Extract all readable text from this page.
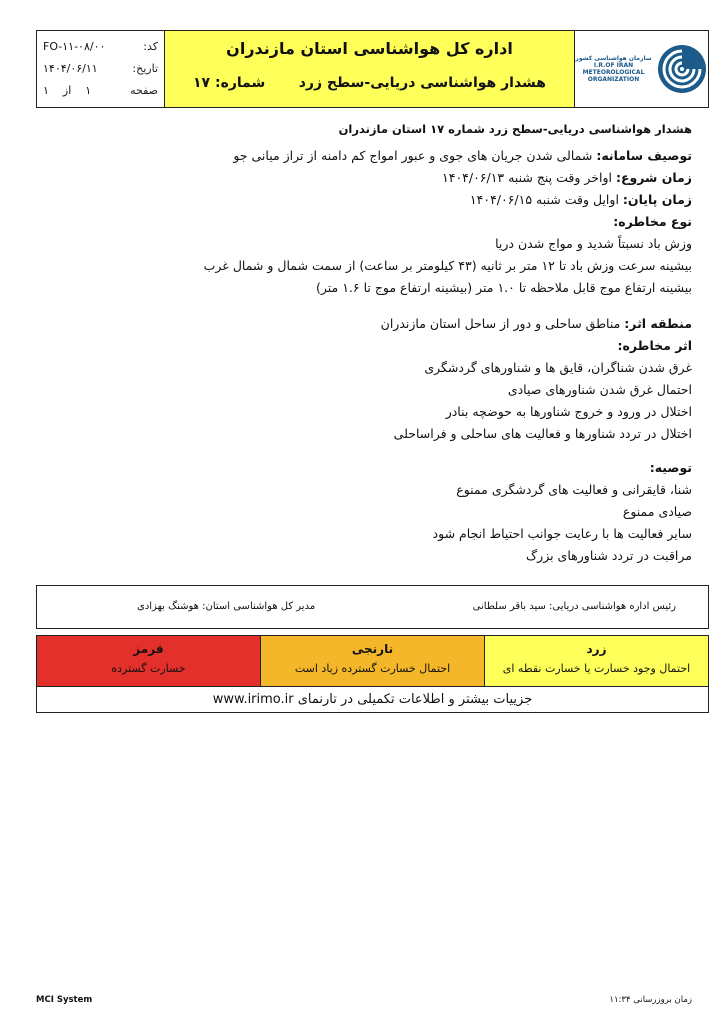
کد:
FO-۱۱-۰۸/۰۰
تاریخ:
۱۴۰۴/۰۶/۱۱
صفحه
۱
از
۱
اداره کل هواشناسی استان مازندران
هشدار هواشناسی دریایی-سطح زرد
شماره: ۱۷
سازمان هواشناسی کشور
I.R.OF IRAN
METEOROLOGICAL
ORGANIZATION
هشدار هواشناسی دریایی-سطح زرد شماره ۱۷ استان مازندران
توصیف سامانه: شمالی شدن جریان های جوی و عبور امواج کم دامنه از تراز میانی جو
زمان شروع: اواخر وقت پنج شنبه ۱۴۰۴/۰۶/۱۳
زمان پایان: اوایل وقت شنبه ۱۴۰۴/۰۶/۱۵
نوع مخاطره:
وزش باد نسبتاً شدید و مواج شدن دریا
بیشینه سرعت وزش باد تا ۱۲ متر بر ثانیه (۴۳ کیلومتر بر ساعت) از سمت شمال و شمال غرب
بیشینه ارتفاع موج قابل ملاحظه تا ۱.۰ متر (بیشینه ارتفاع موج تا ۱.۶ متر)
منطقه اثر: مناطق ساحلی و دور از ساحل استان مازندران
اثر مخاطره:
غرق شدن شناگران، قایق ها و شناورهای گردشگری
احتمال غرق شدن شناورهای صیادی
اختلال در ورود و خروج شناورها به حوضچه بنادر
اختلال در تردد شناورها و فعالیت های ساحلی و فراساحلی
توصیه:
شنا، قایقرانی و فعالیت های گردشگری ممنوع
صیادی ممنوع
سایر فعالیت ها با رعایت جوانب احتیاط انجام شود
مراقبت در تردد شناورهای بزرگ
رئیس اداره هواشناسی دریایی: سید باقر سلطانی
مدیر کل هواشناسی استان: هوشنگ بهزادی
زرد
احتمال وجود خسارت یا خسارت نقطه ای
نارنجی
احتمال خسارت گسترده زیاد است
قرمز
خسارت گسترده
جزییات بیشتر و اطلاعات تکمیلی در تارنمای www.irimo.ir
MCI System	زمان بروزرسانی ۱۱:۳۴
